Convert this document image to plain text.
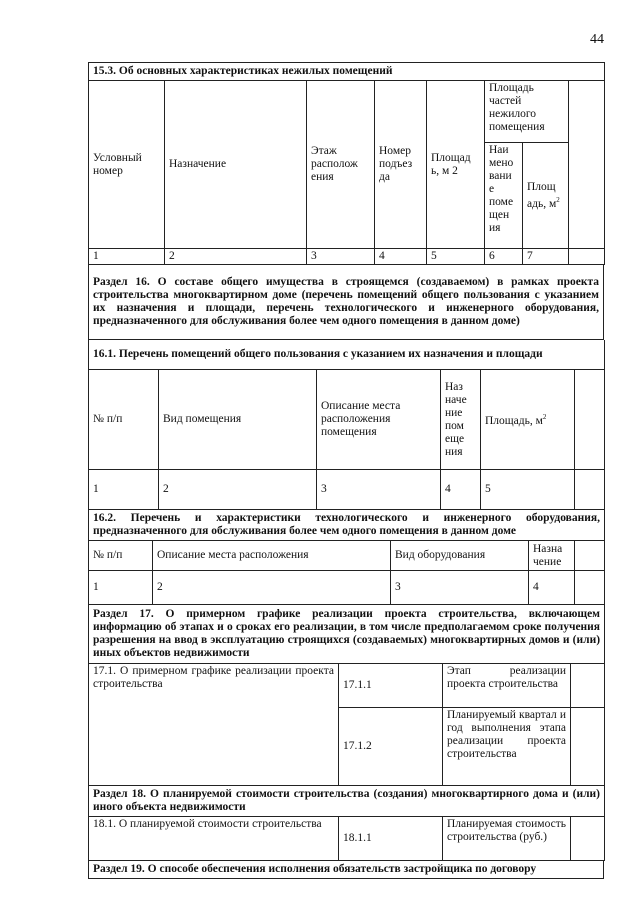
44
15.3. Об основных характеристиках нежилых помещений							
Условный номер	Назначение	Этаж располож ения	Номер подъез да	Площад ь, м 2	Площадь частей нежилого помещения		
					Наи мено вани е поме щен ия	Площ адь, $м^2$
1	2	3	4	5	6	7	
Раздел 16. О составе общего имущества в строящемся (создаваемом) в рамках проекта строительства многоквартирном доме (перечень помещений общего пользования с указанием их назначения и площади, перечень технологического и инженерного оборудования, предназначенного для обслуживания более чем одного помещения в данном доме)
16.1. Перечень помещений общего пользования с указанием их назначения и площади					
№ п/п	Вид помещения	Описание места расположения помещения	Наз наче ние пом еще ния	Площадь, $м^2$	
1	2	3	4	5	
16.2. Перечень и характеристики технологического и инженерного оборудования, предназначенного для обслуживания более чем одного помещения в данном доме				
№ п/п	Описание места расположения	Вид оборудования	Назна чение	
1	2	3	4	
Раздел 17. О примерном графике реализации проекта строительства, включающем информацию об этапах и о сроках его реализации, в том числе предполагаемом сроке получения разрешения на ввод в эксплуатацию строящихся (создаваемых) многоквартирных домов и (или) иных объектов недвижимости			
17.1. О примерном графике реализации проекта строительства	17.1.1	Этап реализации проекта строительства	
	17.1.2	Планируемый квартал и год выполнения этапа реализации проекта строительства	
Раздел 18. О планируемой стоимости строительства (создания) многоквартирного дома и (или) иного объекта недвижимости
18.1. О планируемой стоимости строительства	18.1.1	Планируемая стоимость строительства (руб.)	
Раздел 19. О способе обеспечения исполнения обязательств застройщика по договору
